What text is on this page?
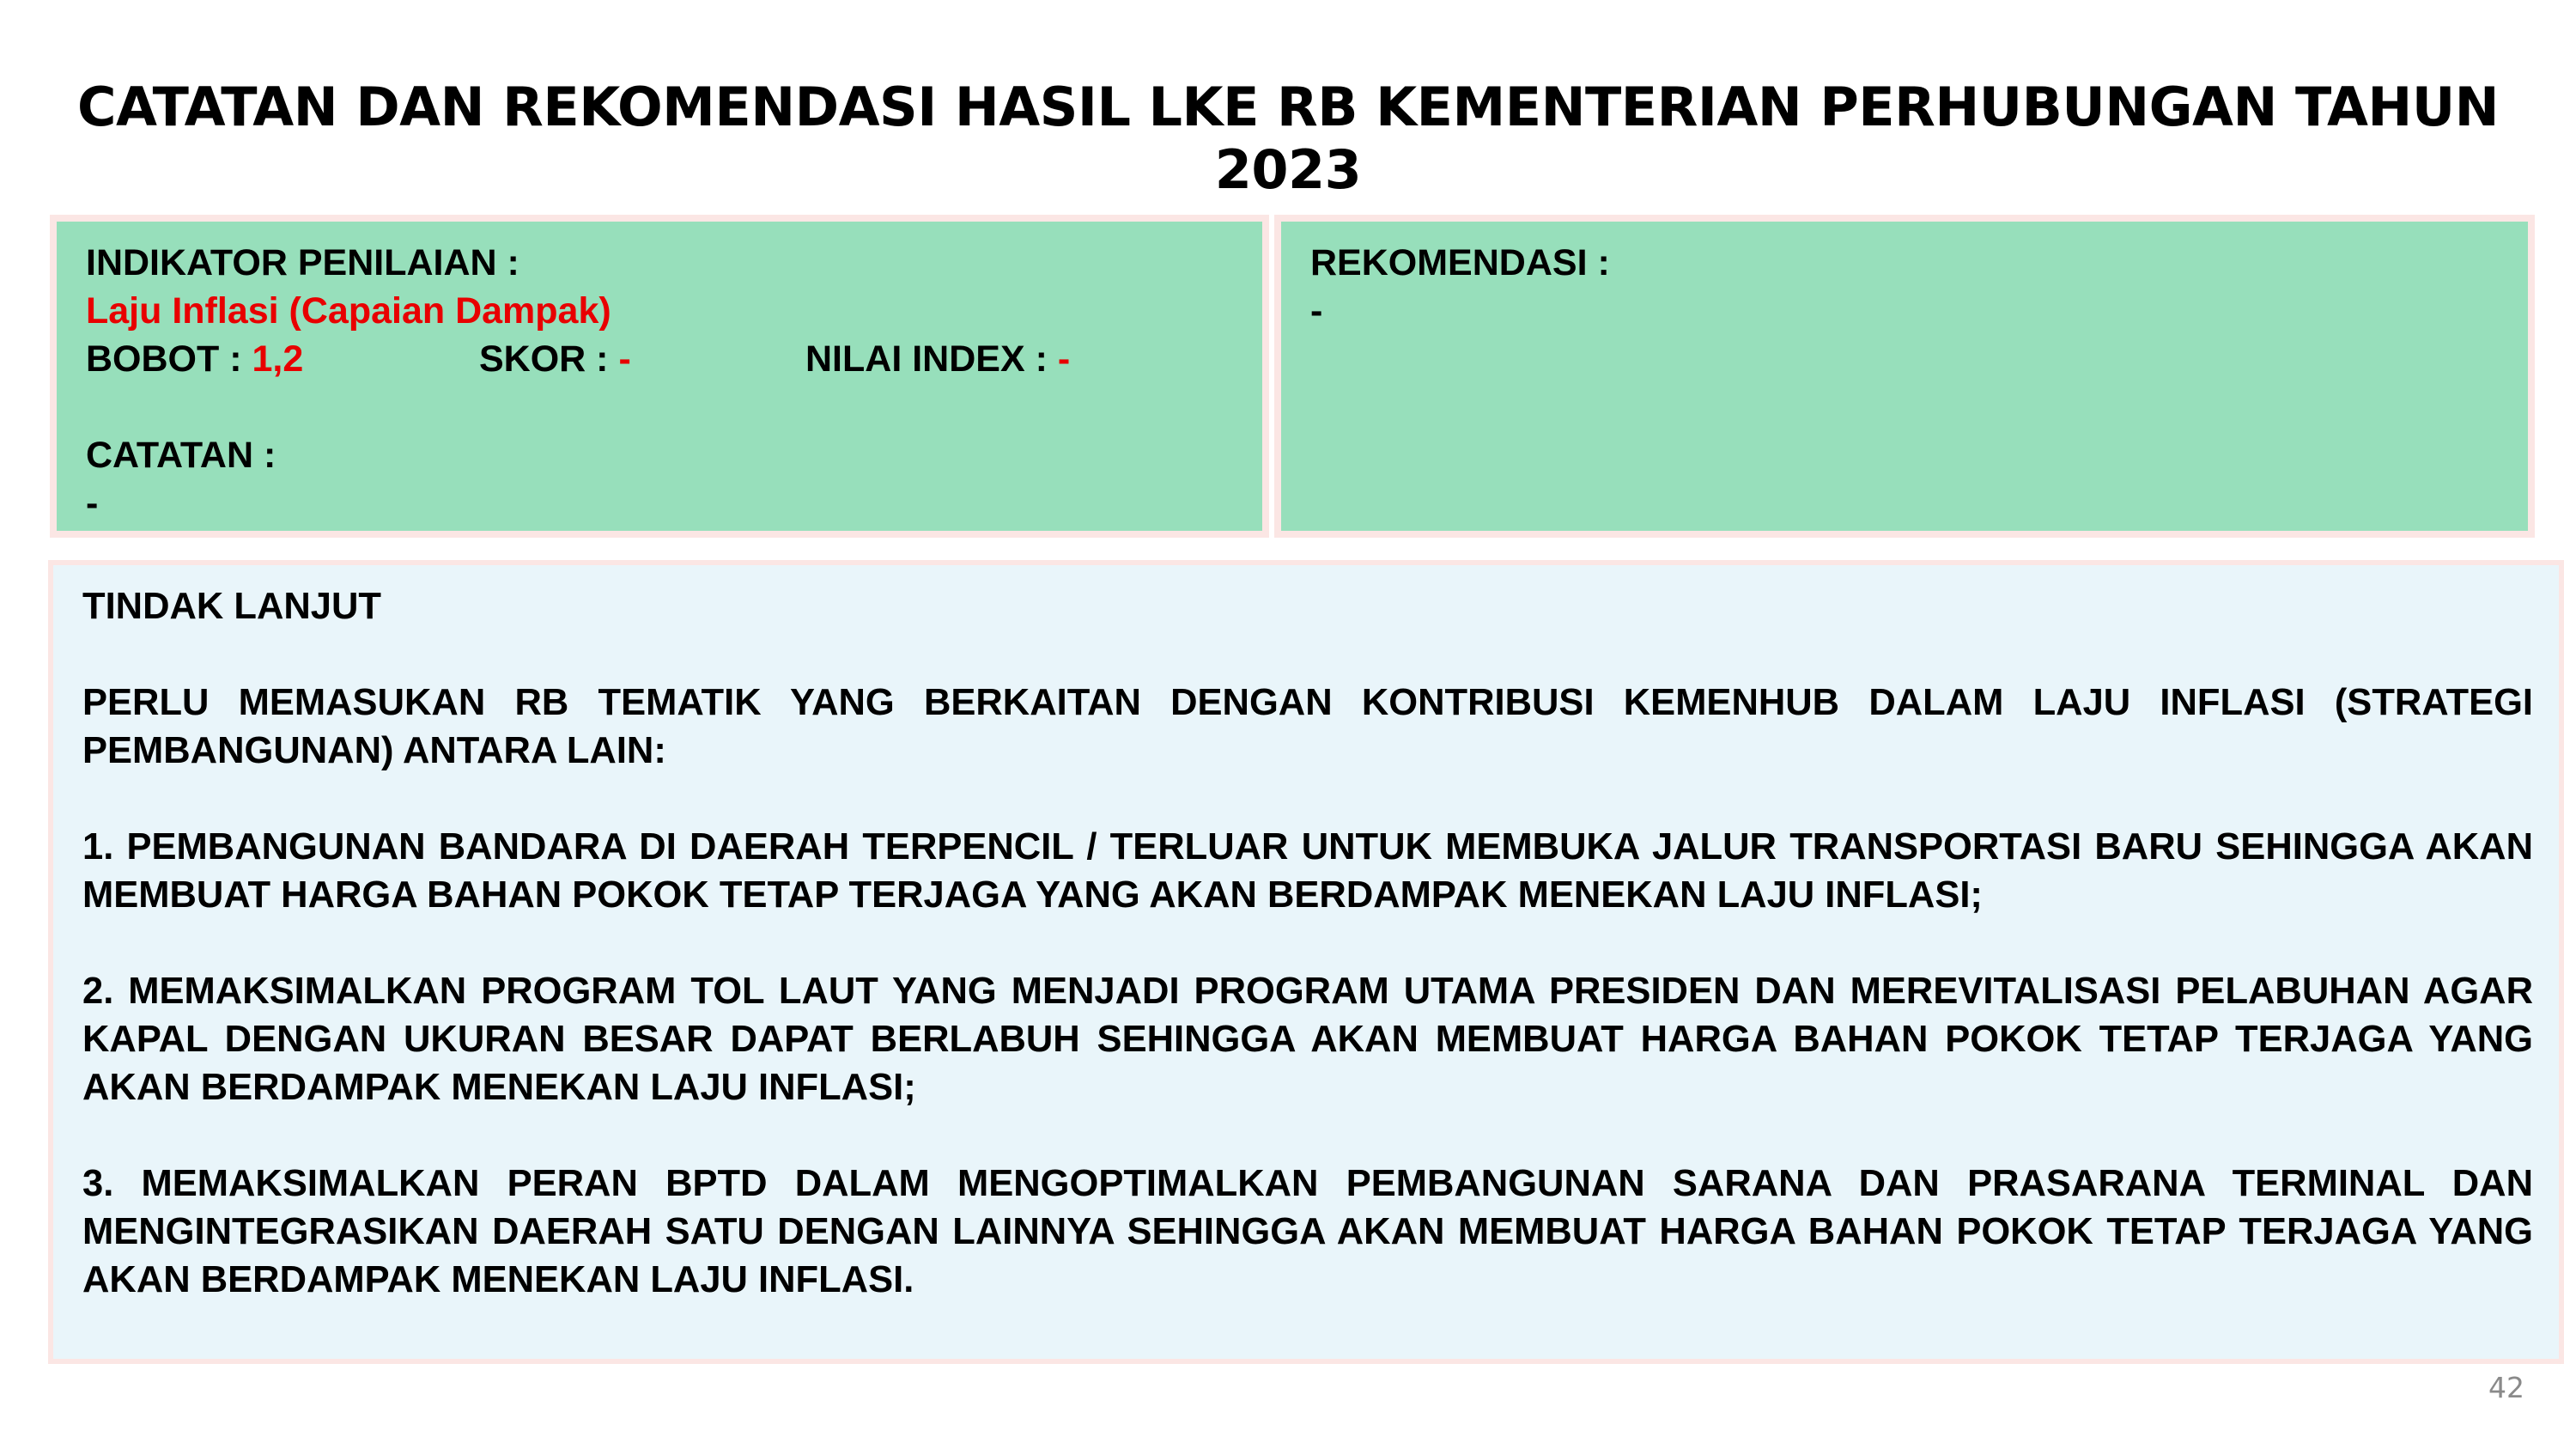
CATATAN DAN REKOMENDASI HASIL LKE RB KEMENTERIAN PERHUBUNGAN TAHUN 2023
INDIKATOR PENILAIAN :
Laju Inflasi (Capaian Dampak)
BOBOT : 1,2	SKOR : -	NILAI INDEX : -
CATATAN :
-
REKOMENDASI :
-

TINDAK LANJUT

PERLU MEMASUKAN RB TEMATIK YANG BERKAITAN DENGAN KONTRIBUSI KEMENHUB DALAM LAJU INFLASI (STRATEGI PEMBANGUNAN) ANTARA LAIN:

1. PEMBANGUNAN BANDARA DI DAERAH TERPENCIL / TERLUAR UNTUK MEMBUKA JALUR TRANSPORTASI BARU SEHINGGA AKAN MEMBUAT HARGA BAHAN POKOK TETAP TERJAGA YANG AKAN BERDAMPAK MENEKAN LAJU INFLASI;

2. MEMAKSIMALKAN PROGRAM TOL LAUT YANG MENJADI PROGRAM UTAMA PRESIDEN DAN MEREVITALISASI PELABUHAN AGAR KAPAL DENGAN UKURAN BESAR DAPAT BERLABUH SEHINGGA AKAN MEMBUAT HARGA BAHAN POKOK TETAP TERJAGA YANG AKAN BERDAMPAK MENEKAN LAJU INFLASI;

3. MEMAKSIMALKAN PERAN BPTD DALAM MENGOPTIMALKAN PEMBANGUNAN SARANA DAN PRASARANA TERMINAL DAN MENGINTEGRASIKAN DAERAH SATU DENGAN LAINNYA SEHINGGA AKAN MEMBUAT HARGA BAHAN POKOK TETAP TERJAGA YANG AKAN BERDAMPAK MENEKAN LAJU INFLASI.

42
